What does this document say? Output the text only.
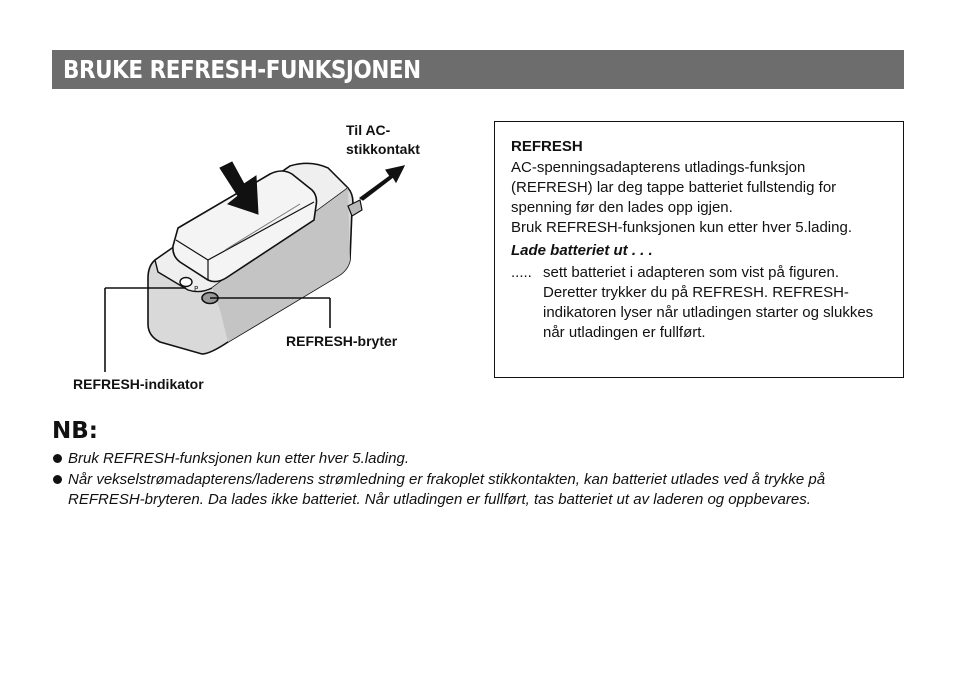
BRUKE REFRESH-FUNKSJONEN
P
Til AC-
stikkontakt
REFRESH-bryter
REFRESH-indikator
REFRESH

AC-spenningsadapterens utladings-funksjon (REFRESH) lar deg tappe batteriet fullstendig for spenning før den lades opp igjen.

Bruk REFRESH-funksjonen kun etter hver 5.lading.

Lade batteriet ut . . .
..... sett batteriet i adapteren som vist på figuren. Deretter trykker du på REFRESH. REFRESH-indikatoren lyser når utladingen starter og slukkes når utladingen er fullført.
NB:
Bruk REFRESH-funksjonen kun etter hver 5.lading.
Når vekselstrømadapterens/laderens strømledning er frakoplet stikkontakten, kan batteriet utlades ved å trykke på REFRESH-bryteren. Da lades ikke batteriet. Når utladingen er fullført, tas batteriet ut av laderen og oppbevares.
